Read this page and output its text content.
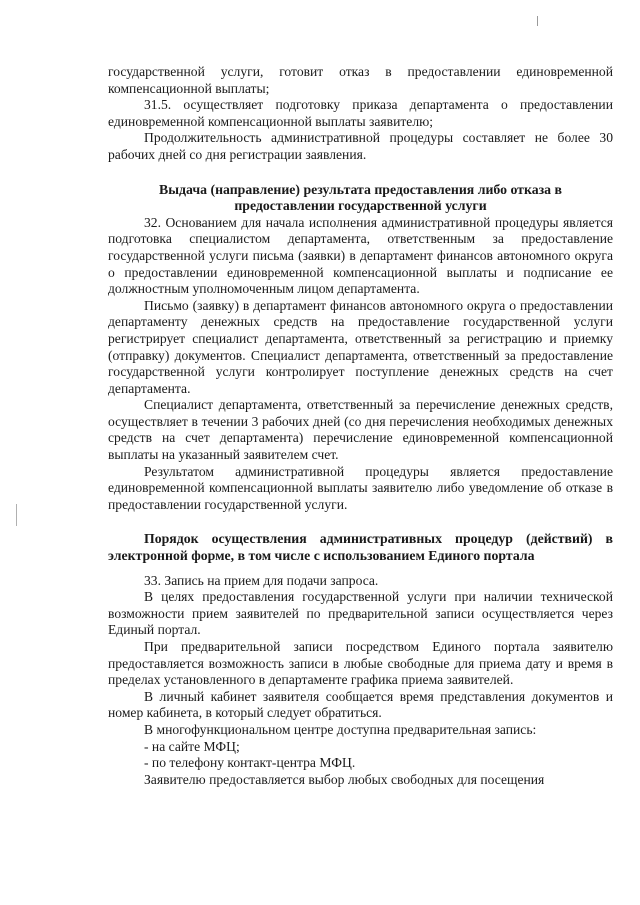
государственной услуги, готовит отказ в предоставлении единовременной компенсационной выплаты;

31.5. осуществляет подготовку приказа департамента о предоставлении единовременной компенсационной выплаты заявителю;

Продолжительность административной процедуры составляет не более 30 рабочих дней со дня регистрации заявления.

Выдача (направление) результата предоставления либо отказа в предоставлении государственной услуги

32. Основанием для начала исполнения административной процедуры является подготовка специалистом департамента, ответственным за предоставление государственной услуги письма (заявки) в департамент финансов автономного округа о предоставлении единовременной компенсационной выплаты и подписание ее должностным уполномоченным лицом департамента.

Письмо (заявку) в департамент финансов автономного округа о предоставлении департаменту денежных средств на предоставление государственной услуги регистрирует специалист департамента, ответственный за регистрацию и приемку (отправку) документов. Специалист департамента, ответственный за предоставление государственной услуги контролирует поступление денежных средств на счет департамента.

Специалист департамента, ответственный за перечисление денежных средств, осуществляет в течении 3 рабочих дней (со дня перечисления необходимых денежных средств на счет департамента) перечисление единовременной компенсационной выплаты на указанный заявителем счет.

Результатом административной процедуры является предоставление единовременной компенсационной выплаты заявителю либо уведомление об отказе в предоставлении государственной услуги.

Порядок осуществления административных процедур (действий) в электронной форме, в том числе с использованием Единого портала

33. Запись на прием для подачи запроса.

В целях предоставления государственной услуги при наличии технической возможности прием заявителей по предварительной записи осуществляется через Единый портал.

При предварительной записи посредством Единого портала заявителю предоставляется возможность записи в любые свободные для приема дату и время в пределах установленного в департаменте графика приема заявителей.

В личный кабинет заявителя сообщается время представления документов и номер кабинета, в который следует обратиться.

В многофункциональном центре доступна предварительная запись:

- на сайте МФЦ;

- по телефону контакт-центра МФЦ.

Заявителю предоставляется выбор любых свободных для посещения
